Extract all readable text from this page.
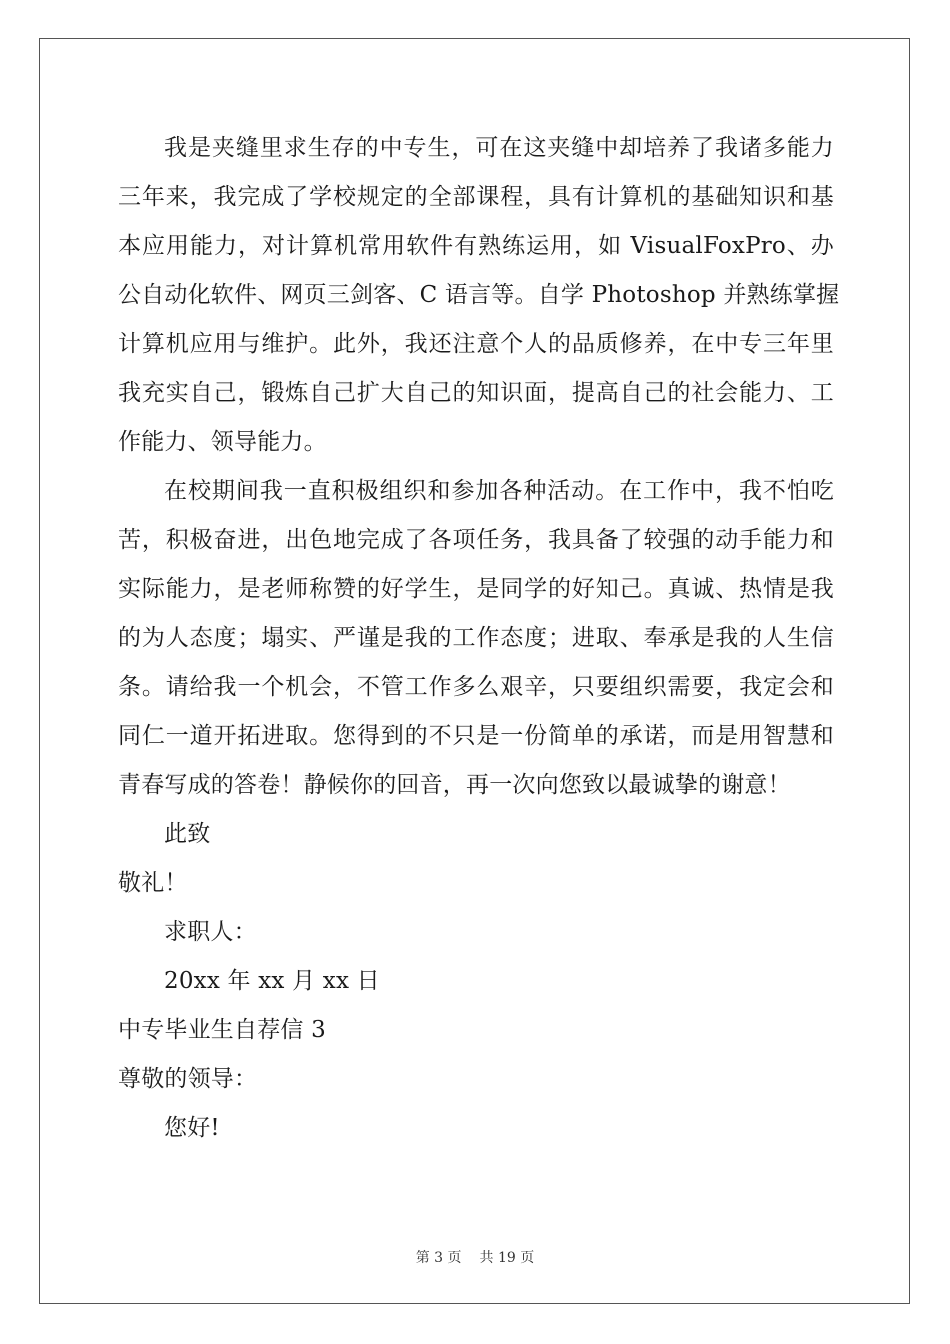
我是夹缝里求生存的中专生，可在这夹缝中却培养了我诸多能力
三年来，我完成了学校规定的全部课程，具有计算机的基础知识和基
本应用能力，对计算机常用软件有熟练运用，如 VisualFoxPro、办
公自动化软件、网页三剑客、C 语言等。自学 Photoshop 并熟练掌握
计算机应用与维护。此外，我还注意个人的品质修养，在中专三年里
我充实自己，锻炼自己扩大自己的知识面，提高自己的社会能力、工
作能力、领导能力。
在校期间我一直积极组织和参加各种活动。在工作中，我不怕吃
苦，积极奋进，出色地完成了各项任务，我具备了较强的动手能力和
实际能力，是老师称赞的好学生，是同学的好知己。真诚、热情是我
的为人态度；塌实、严谨是我的工作态度；进取、奉承是我的人生信
条。请给我一个机会，不管工作多么艰辛，只要组织需要，我定会和
同仁一道开拓进取。您得到的不只是一份简单的承诺，而是用智慧和
青春写成的答卷！静候你的回音，再一次向您致以最诚挚的谢意！
此致
敬礼！
求职人：
20xx 年 xx 月 xx 日
中专毕业生自荐信 3
尊敬的领导：
您好!
第 3 页 共 19 页
